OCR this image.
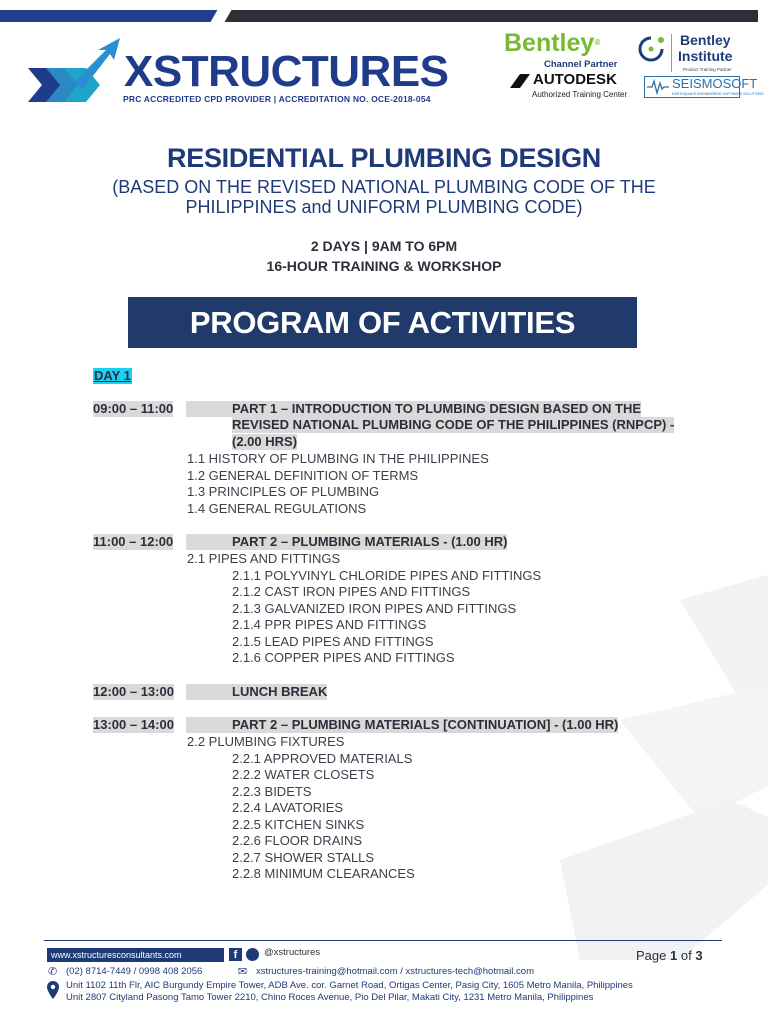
XSTRUCTURES
PRC ACCREDITED CPD PROVIDER | ACCREDITATION NO. OCE-2018-054
Bentley®
Channel Partner
Bentley
Institute
Product Training Partner
AUTODESK
Authorized Training Center
SEISMOSOFT
EARTHQUAKE ENGINEERING SOFTWARE SOLUTIONS
RESIDENTIAL PLUMBING DESIGN
(BASED ON THE REVISED NATIONAL PLUMBING CODE OF THE PHILIPPINES and UNIFORM PLUMBING CODE)
2 DAYS | 9AM TO 6PM
16-HOUR TRAINING & WORKSHOP
PROGRAM OF ACTIVITIES
DAY 1
09:00 – 11:00
	PART 1 – INTRODUCTION TO PLUMBING DESIGN BASED ON THE
REVISED NATIONAL PLUMBING CODE OF THE PHILIPPINES (RNPCP) -
(2.00 HRS)
1.1 HISTORY OF PLUMBING IN THE PHILIPPINES
1.2 GENERAL DEFINITION OF TERMS
1.3 PRINCIPLES OF PLUMBING
1.4 GENERAL REGULATIONS
11:00 – 12:00
	PART 2 – PLUMBING MATERIALS - (1.00 HR)
2.1 PIPES AND FITTINGS
2.1.1 POLYVINYL CHLORIDE PIPES AND FITTINGS
2.1.2 CAST IRON PIPES AND FITTINGS
2.1.3 GALVANIZED IRON PIPES AND FITTINGS
2.1.4 PPR PIPES AND FITTINGS
2.1.5 LEAD PIPES AND FITTINGS
2.1.6 COPPER PIPES AND FITTINGS
12:00 – 13:00
	LUNCH BREAK
13:00 – 14:00
	PART 2 – PLUMBING MATERIALS [CONTINUATION] - (1.00 HR)
2.2 PLUMBING FIXTURES
2.2.1 APPROVED MATERIALS
2.2.2 WATER CLOSETS
2.2.3 BIDETS
2.2.4 LAVATORIES
2.2.5 KITCHEN SINKS
2.2.6 FLOOR DRAINS
2.2.7 SHOWER STALLS
2.2.8 MINIMUM CLEARANCES
www.xstructuresconsultants.com	f	@xstructures	Page 1 of 3
✆ (02) 8714-7449 / 0998 408 2056	✉ xstructures-training@hotmail.com / xstructures-tech@hotmail.com
Unit 1102 11th Flr, AIC Burgundy Empire Tower, ADB Ave. cor. Garnet Road, Ortigas Center, Pasig City, 1605 Metro Manila, Philippines
Unit 2807 Cityland Pasong Tamo Tower 2210, Chino Roces Avenue, Pio Del Pilar, Makati City, 1231 Metro Manila, Philippines
